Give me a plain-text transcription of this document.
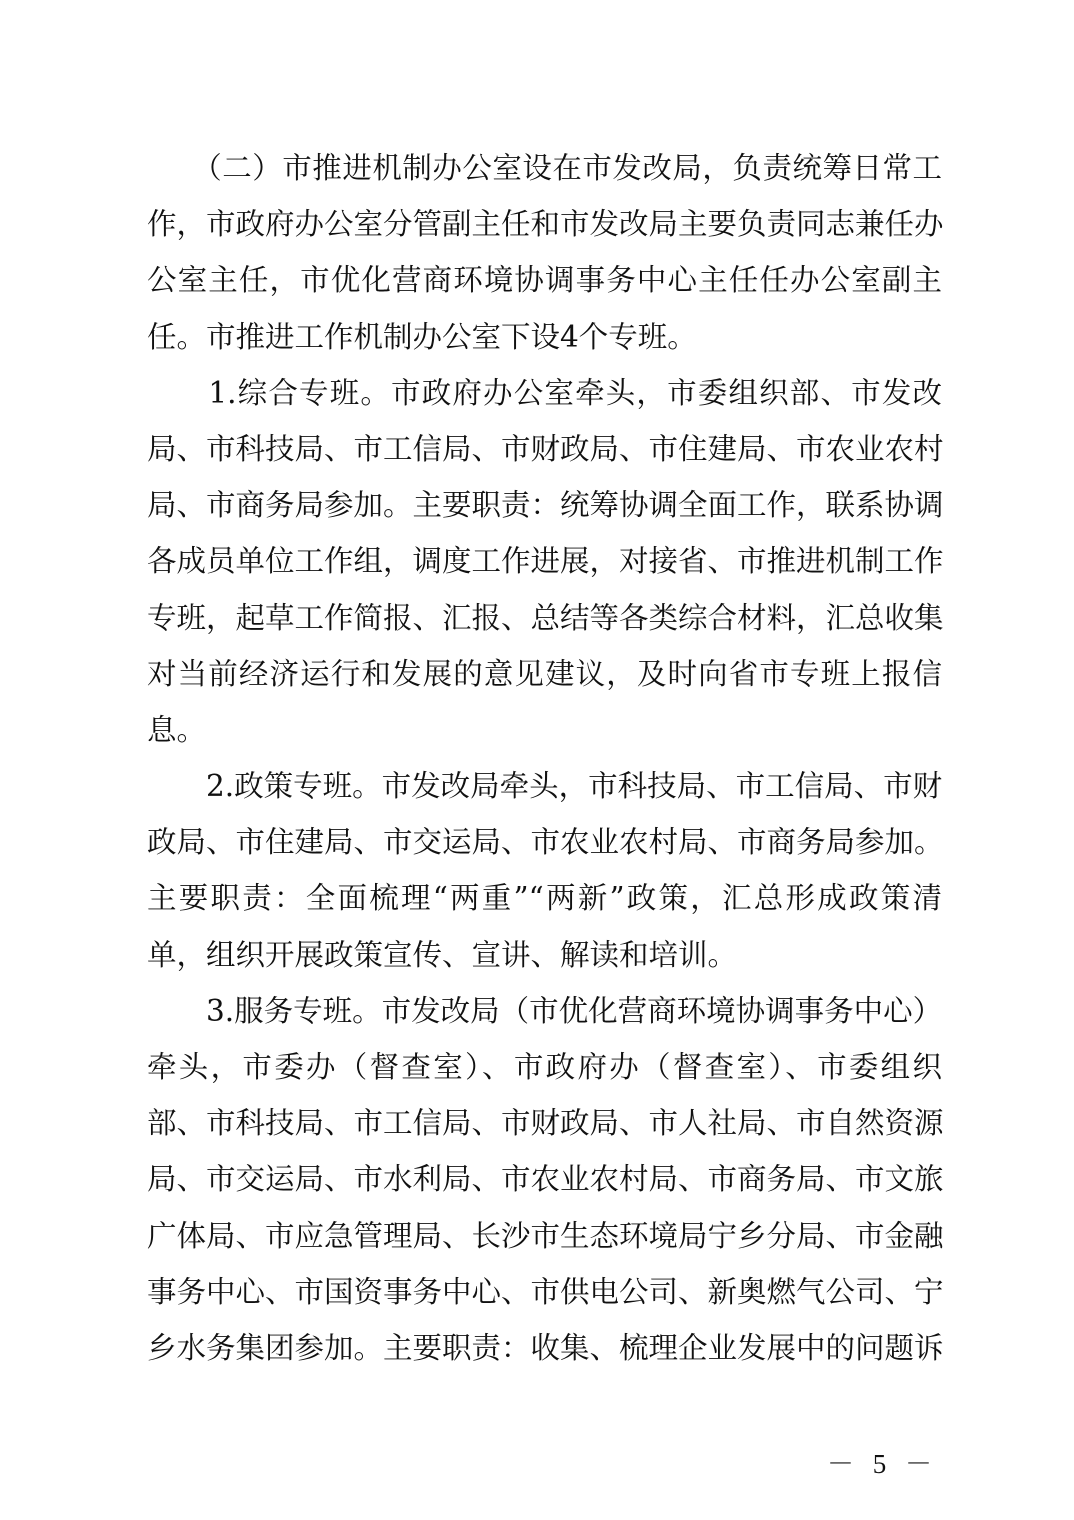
　　（二）市推进机制办公室设在市发改局，负责统筹日常工
作，市政府办公室分管副主任和市发改局主要负责同志兼任办
公室主任，市优化营商环境协调事务中心主任任办公室副主
任。市推进工作机制办公室下设4个专班。
　　1.综合专班。市政府办公室牵头，市委组织部、市发改
局、市科技局、市工信局、市财政局、市住建局、市农业农村
局、市商务局参加。主要职责：统筹协调全面工作，联系协调
各成员单位工作组，调度工作进展，对接省、市推进机制工作
专班，起草工作简报、汇报、总结等各类综合材料，汇总收集
对当前经济运行和发展的意见建议，及时向省市专班上报信
息。
　　2.政策专班。市发改局牵头，市科技局、市工信局、市财
政局、市住建局、市交运局、市农业农村局、市商务局参加。
主要职责：全面梳理“两重”“两新”政策，汇总形成政策清
单，组织开展政策宣传、宣讲、解读和培训。
　　3.服务专班。市发改局（市优化营商环境协调事务中心）
牵头，市委办（督查室）、市政府办（督查室）、市委组织
部、市科技局、市工信局、市财政局、市人社局、市自然资源
局、市交运局、市水利局、市农业农村局、市商务局、市文旅
广体局、市应急管理局、长沙市生态环境局宁乡分局、市金融
事务中心、市国资事务中心、市供电公司、新奥燃气公司、宁
乡水务集团参加。主要职责：收集、梳理企业发展中的问题诉
－ 5 －
